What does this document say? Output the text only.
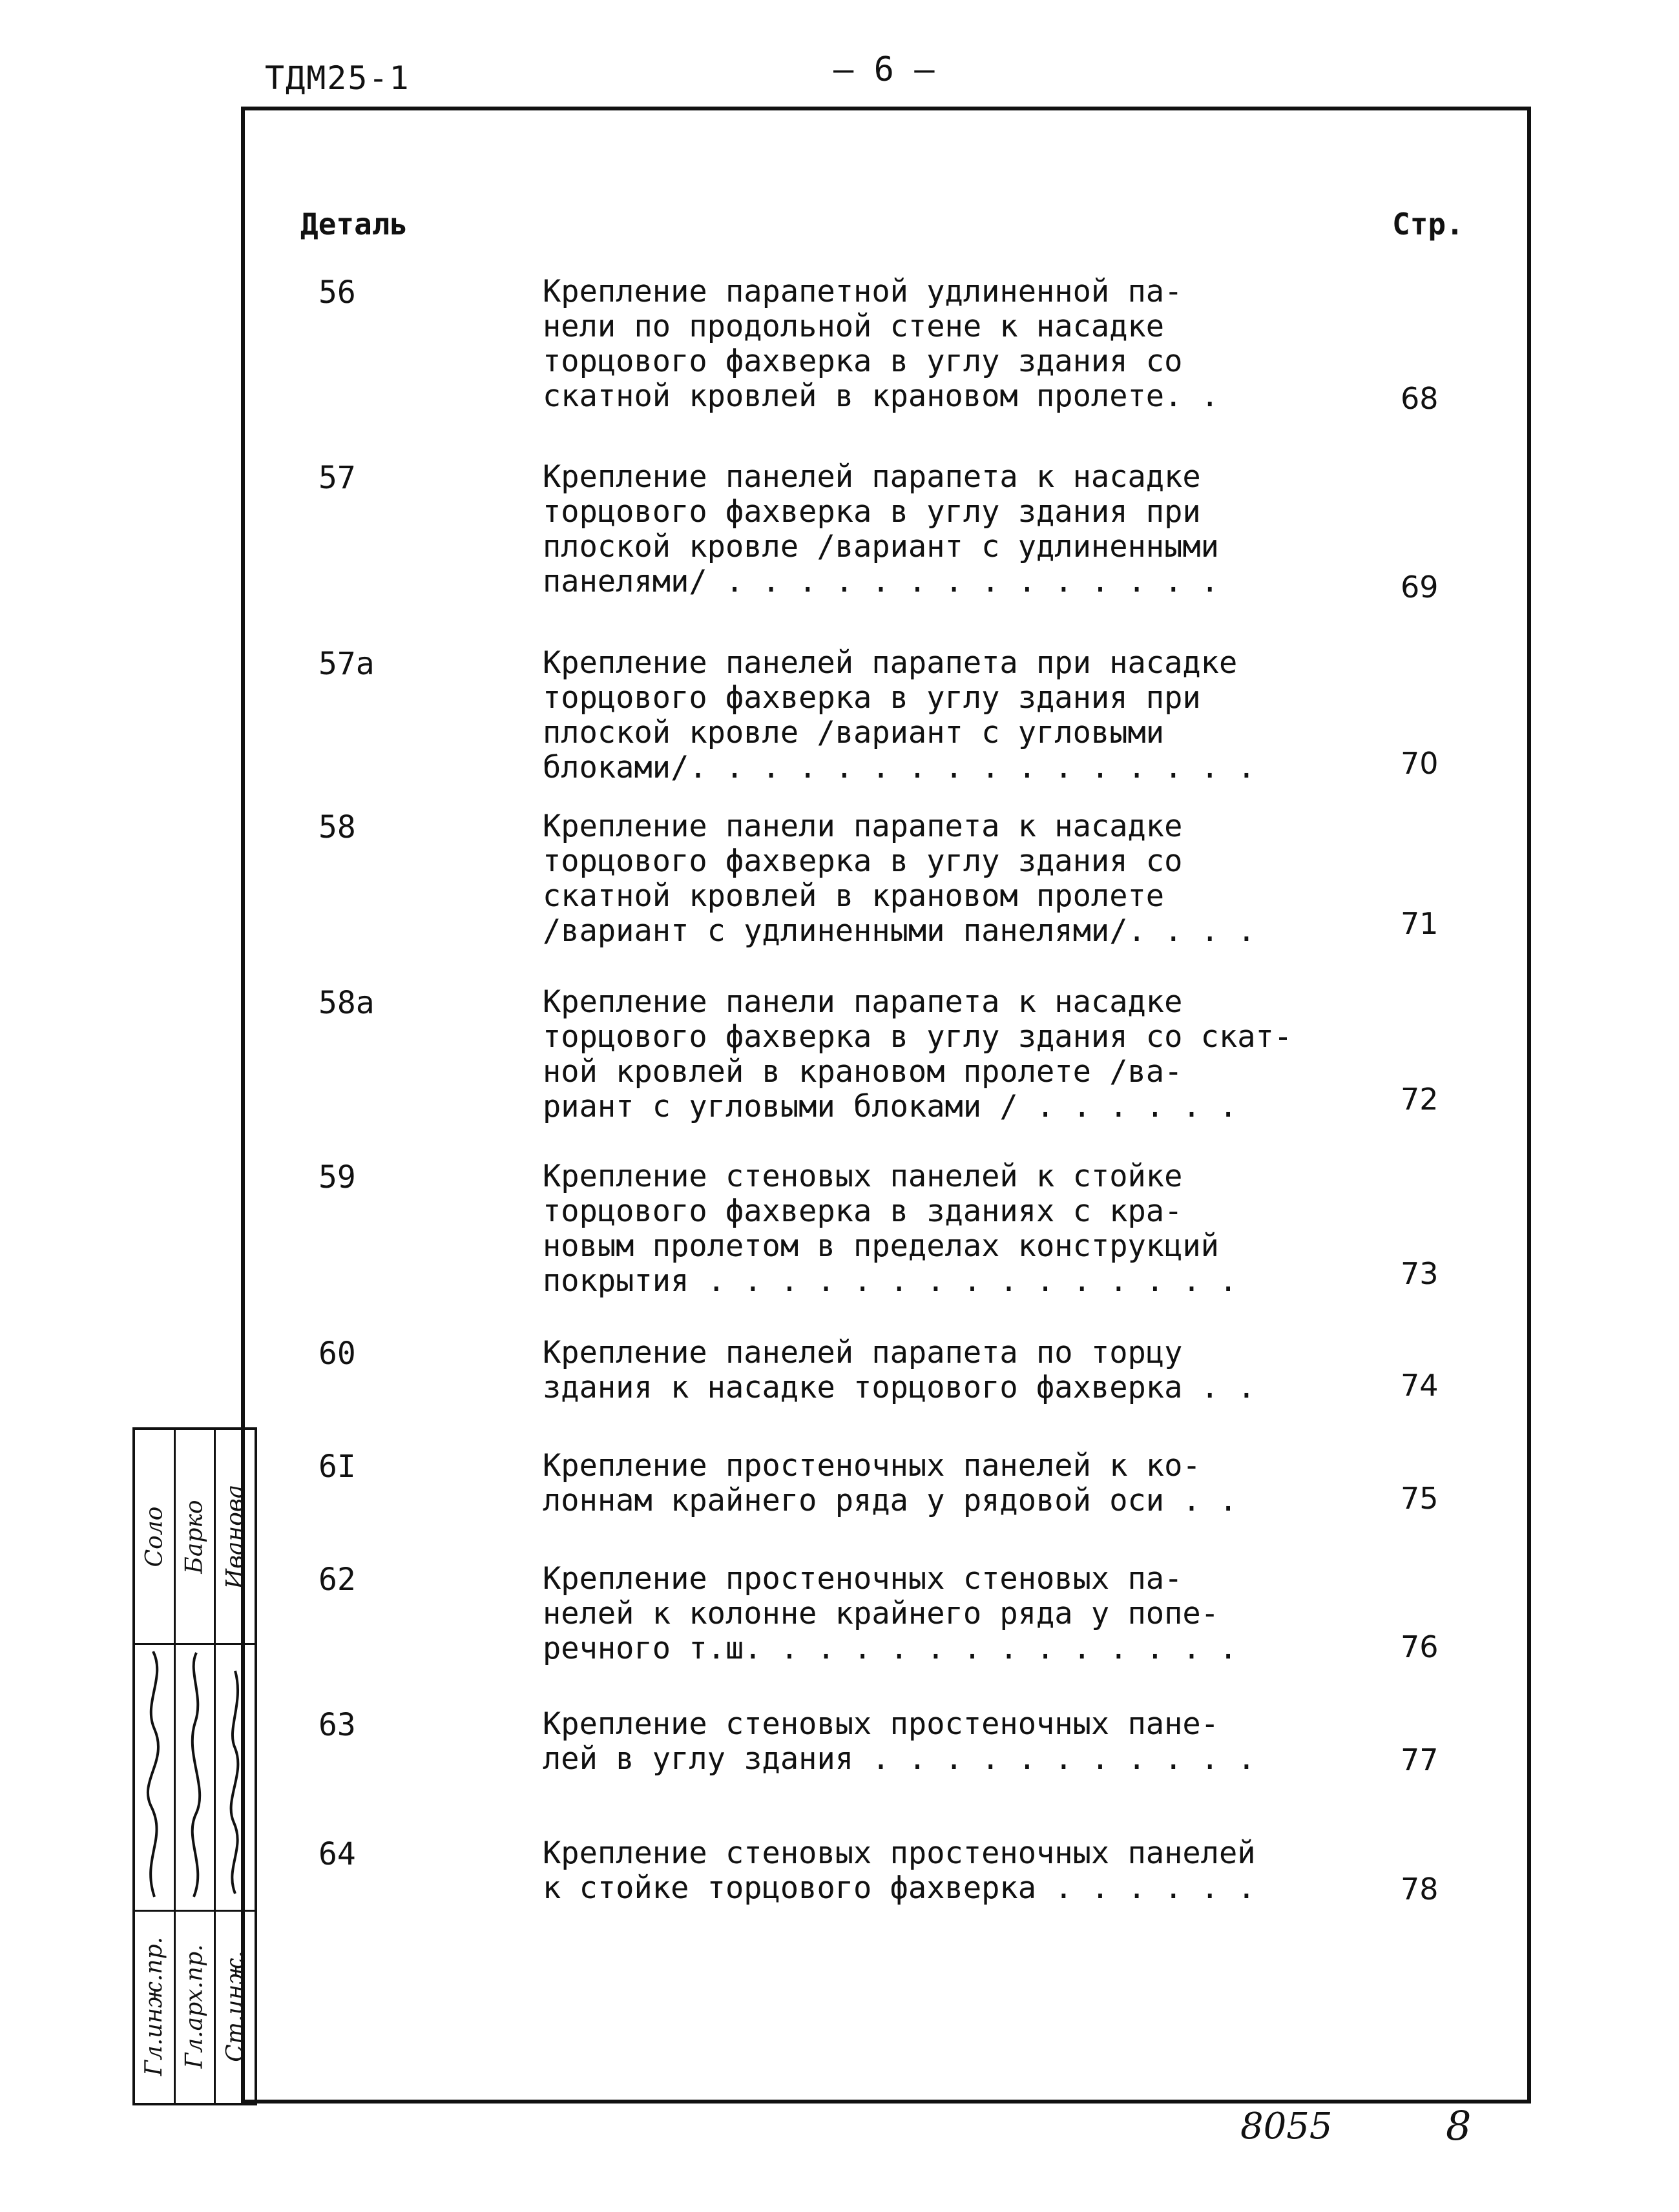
ТДМ25-1	— 6 —
Деталь	Стр.
56	Крепление парапетной удлиненной па-
нели по продольной стене к насадке
торцового фахверка в углу здания со
скатной кровлей в крановом пролете. .	68
57	Крепление панелей парапета к насадке
торцового фахверка в углу здания при
плоской кровле /вариант с удлиненными
панелями/ . . . . . . . . . . . . . .	69
57а	Крепление панелей парапета при насадке
торцового фахверка в углу здания при
плоской кровле /вариант с угловыми
блоками/. . . . . . . . . . . . . . . .	70
58	Крепление панели парапета к насадке
торцового фахверка в углу здания со
скатной кровлей в крановом пролете
/вариант с удлиненными панелями/. . . .	71
58а	Крепление панели парапета к насадке
торцового фахверка в углу здания со скат-
ной кровлей в крановом пролете /ва-
риант с угловыми блоками / . . . . . .	72
59	Крепление стеновых панелей к стойке
торцового фахверка в зданиях с кра-
новым пролетом в пределах конструкций
покрытия . . . . . . . . . . . . . . .	73
60	Крепление панелей парапета по торцу
здания к насадке торцового фахверка . .	74
6I	Крепление простеночных панелей к ко-
лоннам крайнего ряда у рядовой оси . .	75
62	Крепление простеночных стеновых па-
нелей к колонне крайнего ряда у попе-
речного т.ш. . . . . . . . . . . . . .	76
63	Крепление стеновых простеночных пане-
лей в углу здания . . . . . . . . . . .	77
64	Крепление стеновых простеночных панелей
к стойке торцового фахверка . . . . . .	78
Соло
Гл.инж.пр.
Барко
Гл.арх.пр.
Иванова
Ст.инж.
8055	8
